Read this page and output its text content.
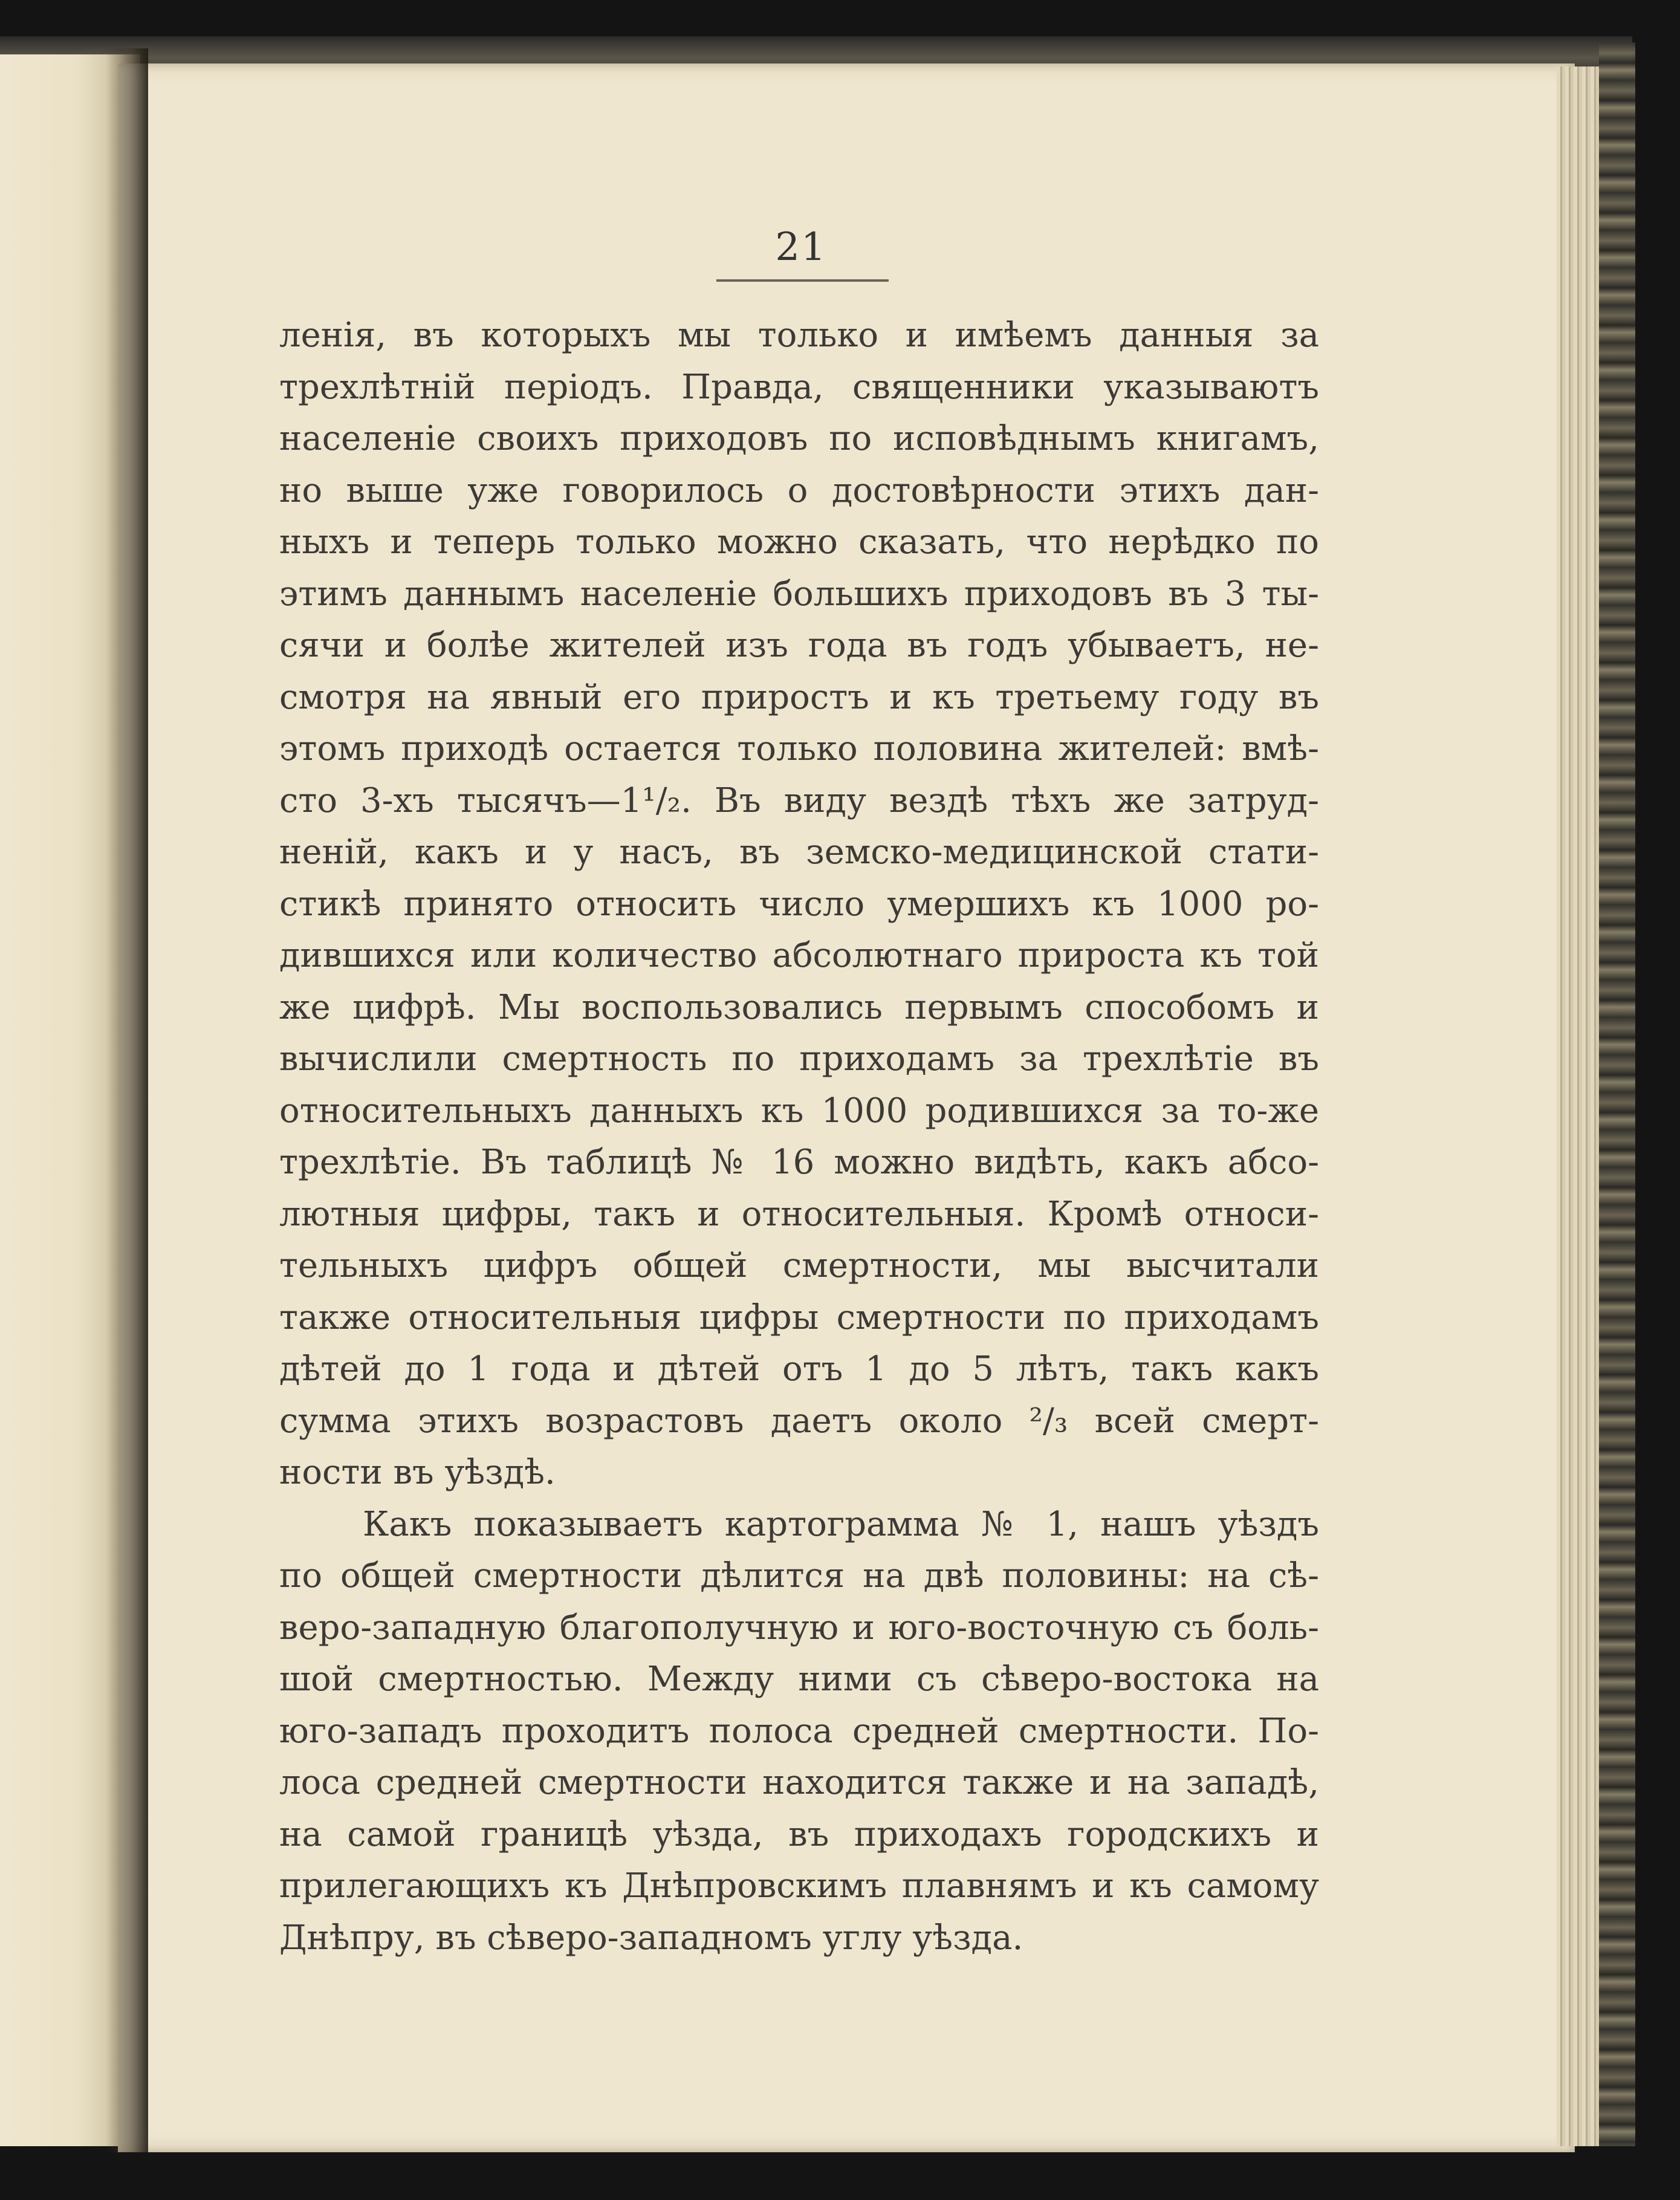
21
ленія, въ которыхъ мы только и имѣемъ данныя за
трехлѣтній періодъ. Правда, священники указываютъ
населеніе своихъ приходовъ по исповѣднымъ книгамъ,
но выше уже говорилось о достовѣрности этихъ дан-
ныхъ и теперь только можно сказать, что нерѣдко по
этимъ даннымъ населеніе большихъ приходовъ въ 3 ты-
сячи и болѣе жителей изъ года въ годъ убываетъ, не-
смотря на явный его приростъ и къ третьему году въ
этомъ приходѣ остается только половина жителей: вмѣ-
сто 3-хъ тысячъ—1¹/₂. Въ виду вездѣ тѣхъ же затруд-
неній, какъ и у насъ, въ земско-медицинской стати-
стикѣ принято относить число умершихъ къ 1000 ро-
дившихся или количество абсолютнаго прироста къ той
же цифрѣ. Мы воспользовались первымъ способомъ и
вычислили смертность по приходамъ за трехлѣтіе въ
относительныхъ данныхъ къ 1000 родившихся за то-же
трехлѣтіе. Въ таблицѣ № 16 можно видѣть, какъ абсо-
лютныя цифры, такъ и относительныя. Кромѣ относи-
тельныхъ цифръ общей смертности, мы высчитали
также относительныя цифры смертности по приходамъ
дѣтей до 1 года и дѣтей отъ 1 до 5 лѣтъ, такъ какъ
сумма этихъ возрастовъ даетъ около ²/₃ всей смерт-
ности въ уѣздѣ.
Какъ показываетъ картограмма № 1, нашъ уѣздъ
по общей смертности дѣлится на двѣ половины: на сѣ-
веро-западную благополучную и юго-восточную съ боль-
шой смертностью. Между ними съ сѣверо-востока на
юго-западъ проходитъ полоса средней смертности. По-
лоса средней смертности находится также и на западѣ,
на самой границѣ уѣзда, въ приходахъ городскихъ и
прилегающихъ къ Днѣпровскимъ плавнямъ и къ самому
Днѣпру, въ сѣверо-западномъ углу уѣзда.
